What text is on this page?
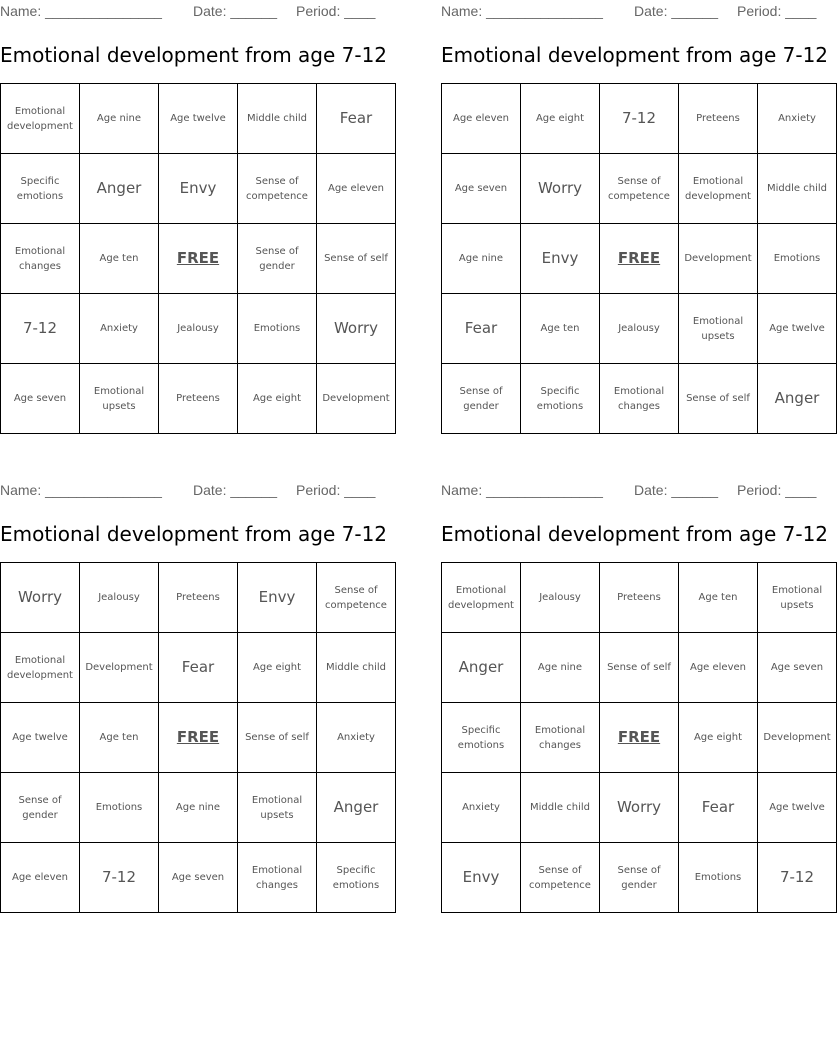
Name: _______________ Date: ______ Period: ____
Emotional development from age 7-12
Emotional development	Age nine	Age twelve	Middle child	Fear
Specific emotions	Anger	Envy	Sense of competence	Age eleven
Emotional changes	Age ten	FREE	Sense of gender	Sense of self
7-12	Anxiety	Jealousy	Emotions	Worry
Age seven	Emotional upsets	Preteens	Age eight	Development
Name: _______________ Date: ______ Period: ____
Emotional development from age 7-12
Age eleven	Age eight	7-12	Preteens	Anxiety
Age seven	Worry	Sense of competence	Emotional development	Middle child
Age nine	Envy	FREE	Development	Emotions
Fear	Age ten	Jealousy	Emotional upsets	Age twelve
Sense of gender	Specific emotions	Emotional changes	Sense of self	Anger
Name: _______________ Date: ______ Period: ____
Emotional development from age 7-12
Worry	Jealousy	Preteens	Envy	Sense of competence
Emotional development	Development	Fear	Age eight	Middle child
Age twelve	Age ten	FREE	Sense of self	Anxiety
Sense of gender	Emotions	Age nine	Emotional upsets	Anger
Age eleven	7-12	Age seven	Emotional changes	Specific emotions
Name: _______________ Date: ______ Period: ____
Emotional development from age 7-12
Emotional development	Jealousy	Preteens	Age ten	Emotional upsets
Anger	Age nine	Sense of self	Age eleven	Age seven
Specific emotions	Emotional changes	FREE	Age eight	Development
Anxiety	Middle child	Worry	Fear	Age twelve
Envy	Sense of competence	Sense of gender	Emotions	7-12
